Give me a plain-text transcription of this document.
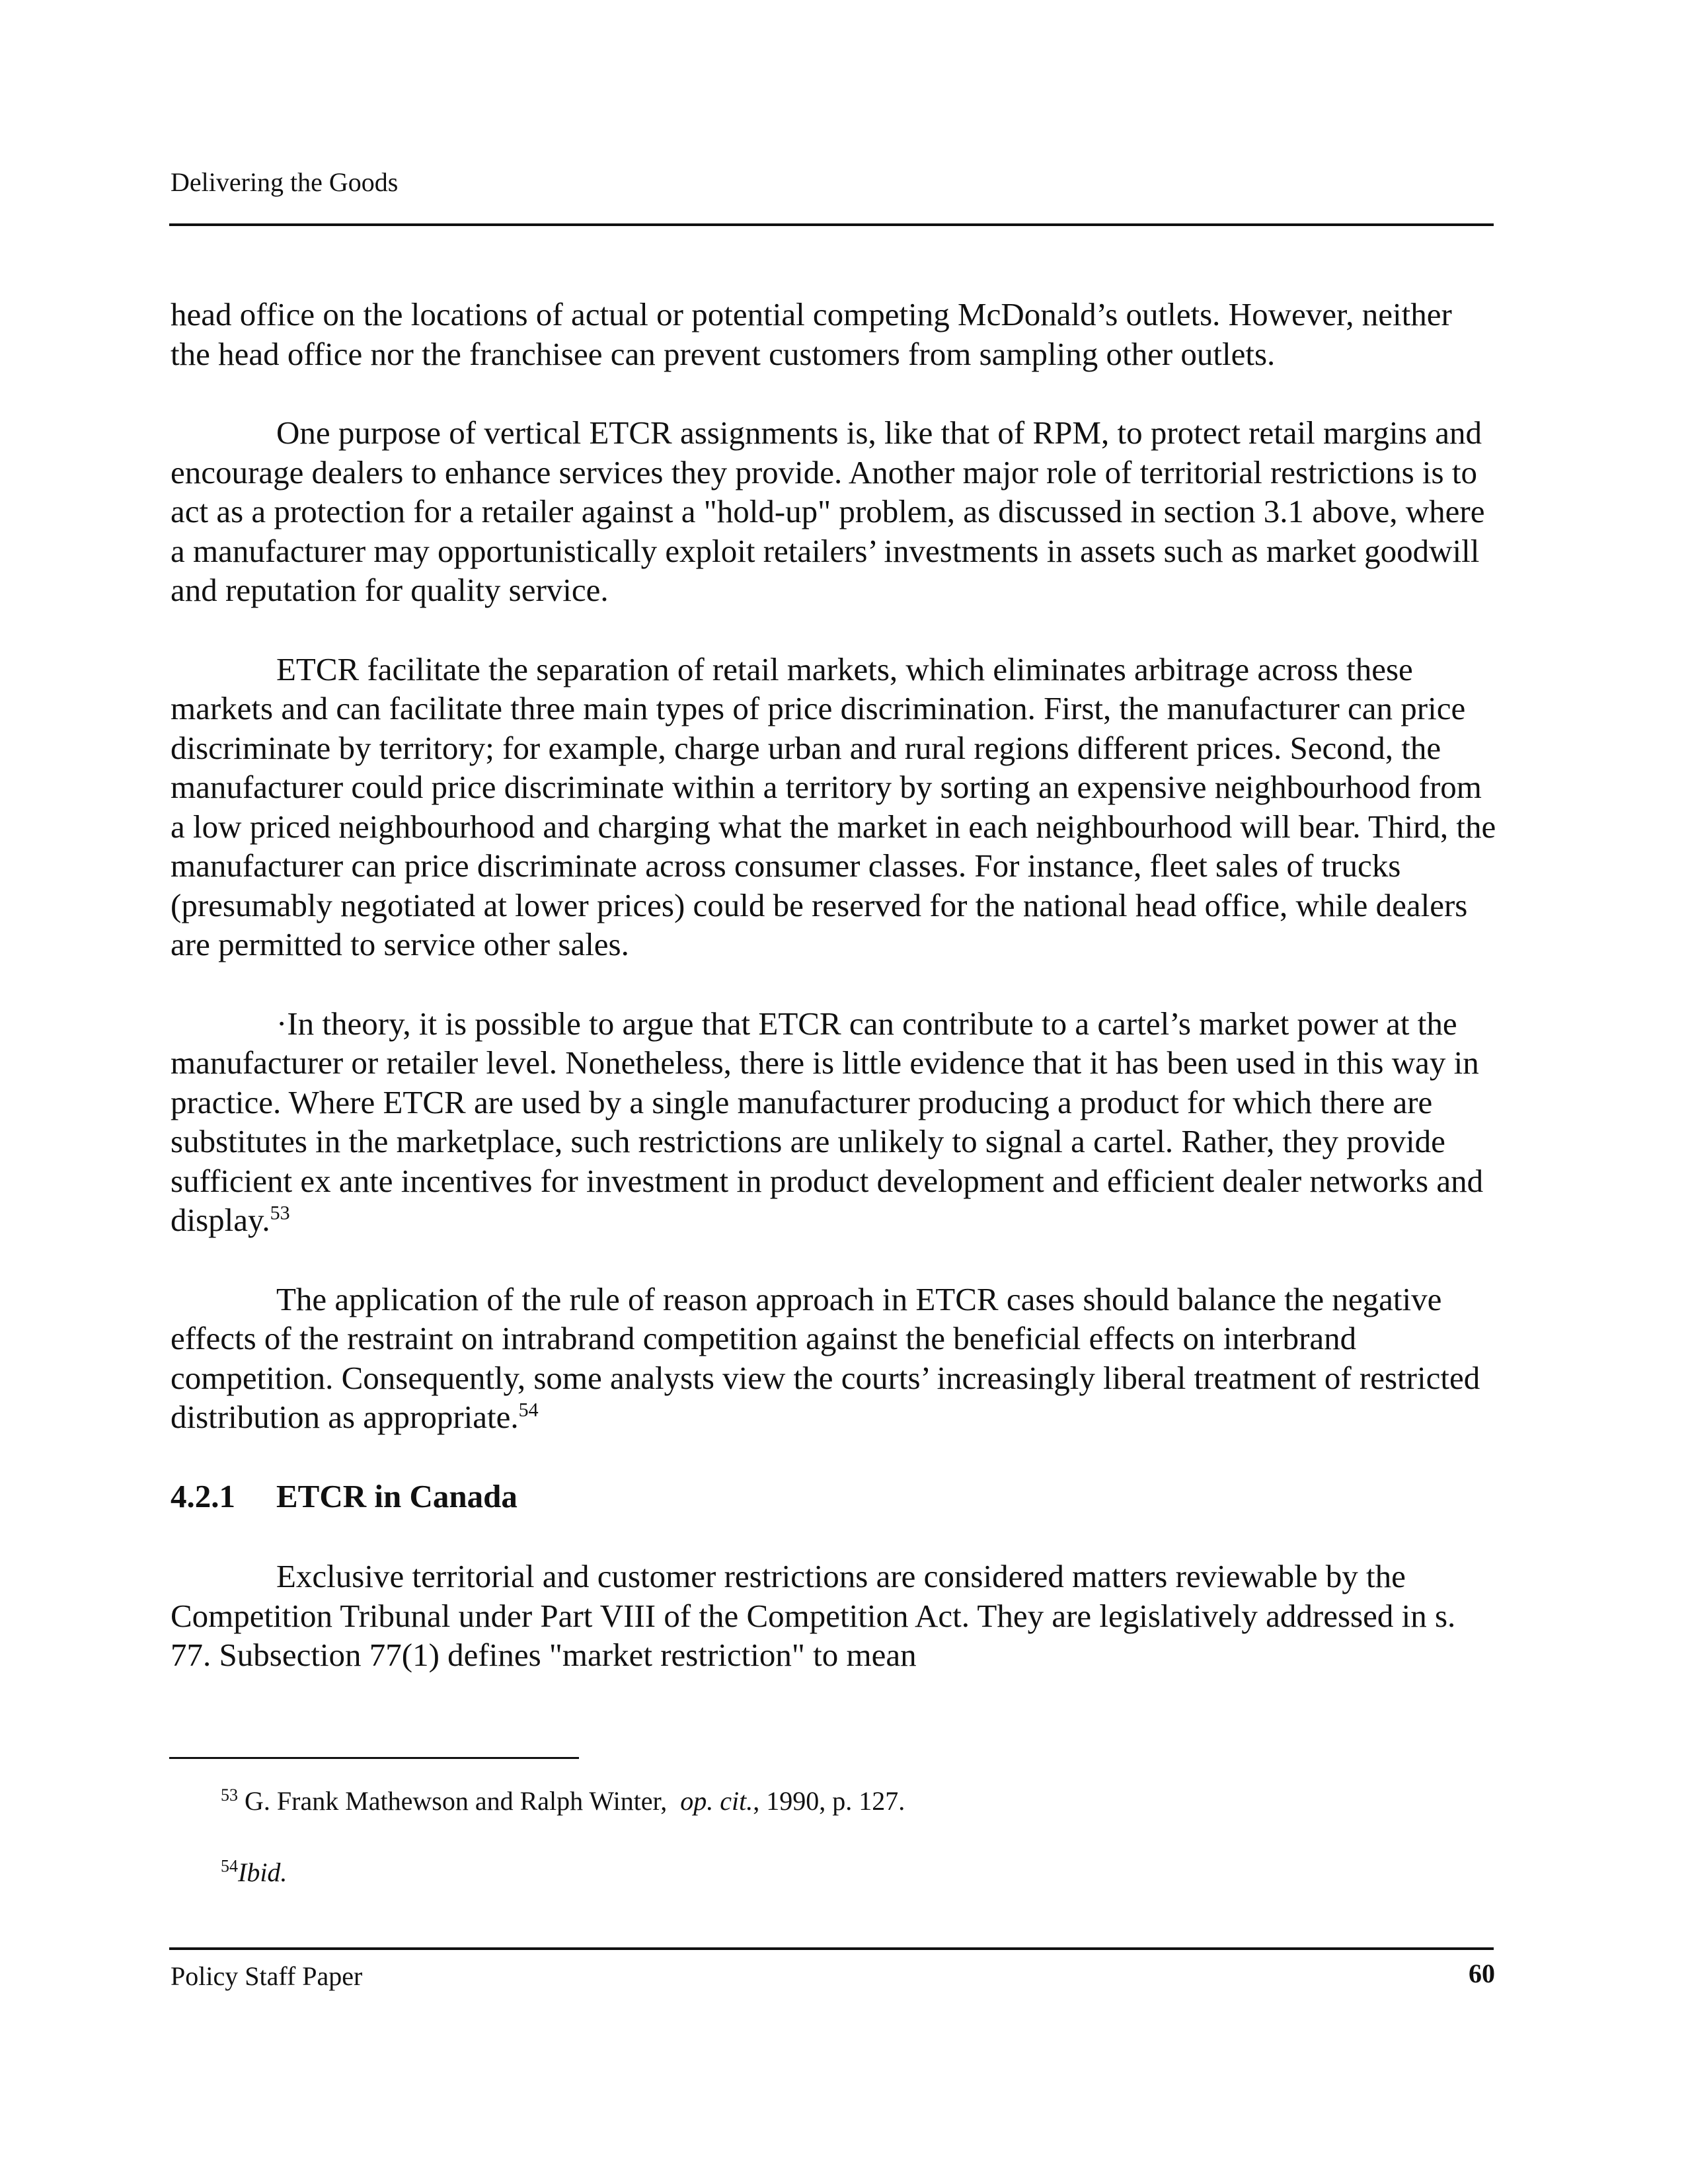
Delivering the Goods

head office on the locations of actual or potential competing McDonald’s outlets. However, neither the head office nor the franchisee can prevent customers from sampling other outlets.

One purpose of vertical ETCR assignments is, like that of RPM, to protect retail margins and encourage dealers to enhance services they provide. Another major role of territorial restrictions is to act as a protection for a retailer against a "hold-up" problem, as discussed in section 3.1 above, where a manufacturer may opportunistically exploit retailers’ investments in assets such as market goodwill and reputation for quality service.

ETCR facilitate the separation of retail markets, which eliminates arbitrage across these markets and can facilitate three main types of price discrimination. First, the manufacturer can price discriminate by territory; for example, charge urban and rural regions different prices. Second, the manufacturer could price discriminate within a territory by sorting an expensive neighbourhood from a low priced neighbourhood and charging what the market in each neighbourhood will bear. Third, the manufacturer can price discriminate across consumer classes. For instance, fleet sales of trucks (presumably negotiated at lower prices) could be reserved for the national head office, while dealers are permitted to service other sales.

·In theory, it is possible to argue that ETCR can contribute to a cartel’s market power at the manufacturer or retailer level. Nonetheless, there is little evidence that it has been used in this way in practice. Where ETCR are used by a single manufacturer producing a product for which there are substitutes in the marketplace, such restrictions are unlikely to signal a cartel. Rather, they provide sufficient ex ante incentives for investment in product development and efficient dealer networks and display.$^{53}$

The application of the rule of reason approach in ETCR cases should balance the negative effects of the restraint on intrabrand competition against the beneficial effects on interbrand competition. Consequently, some analysts view the courts’ increasingly liberal treatment of restricted distribution as appropriate.$^{54}$

4.2.1 ETCR in Canada

Exclusive territorial and customer restrictions are considered matters reviewable by the Competition Tribunal under Part VIII of the Competition Act. They are legislatively addressed in s. 77. Subsection 77(1) defines "market restriction" to mean

$^{53}$ G. Frank Mathewson and Ralph Winter, op. cit., 1990, p. 127.
$^{54}$Ibid.
Policy Staff Paper	60
